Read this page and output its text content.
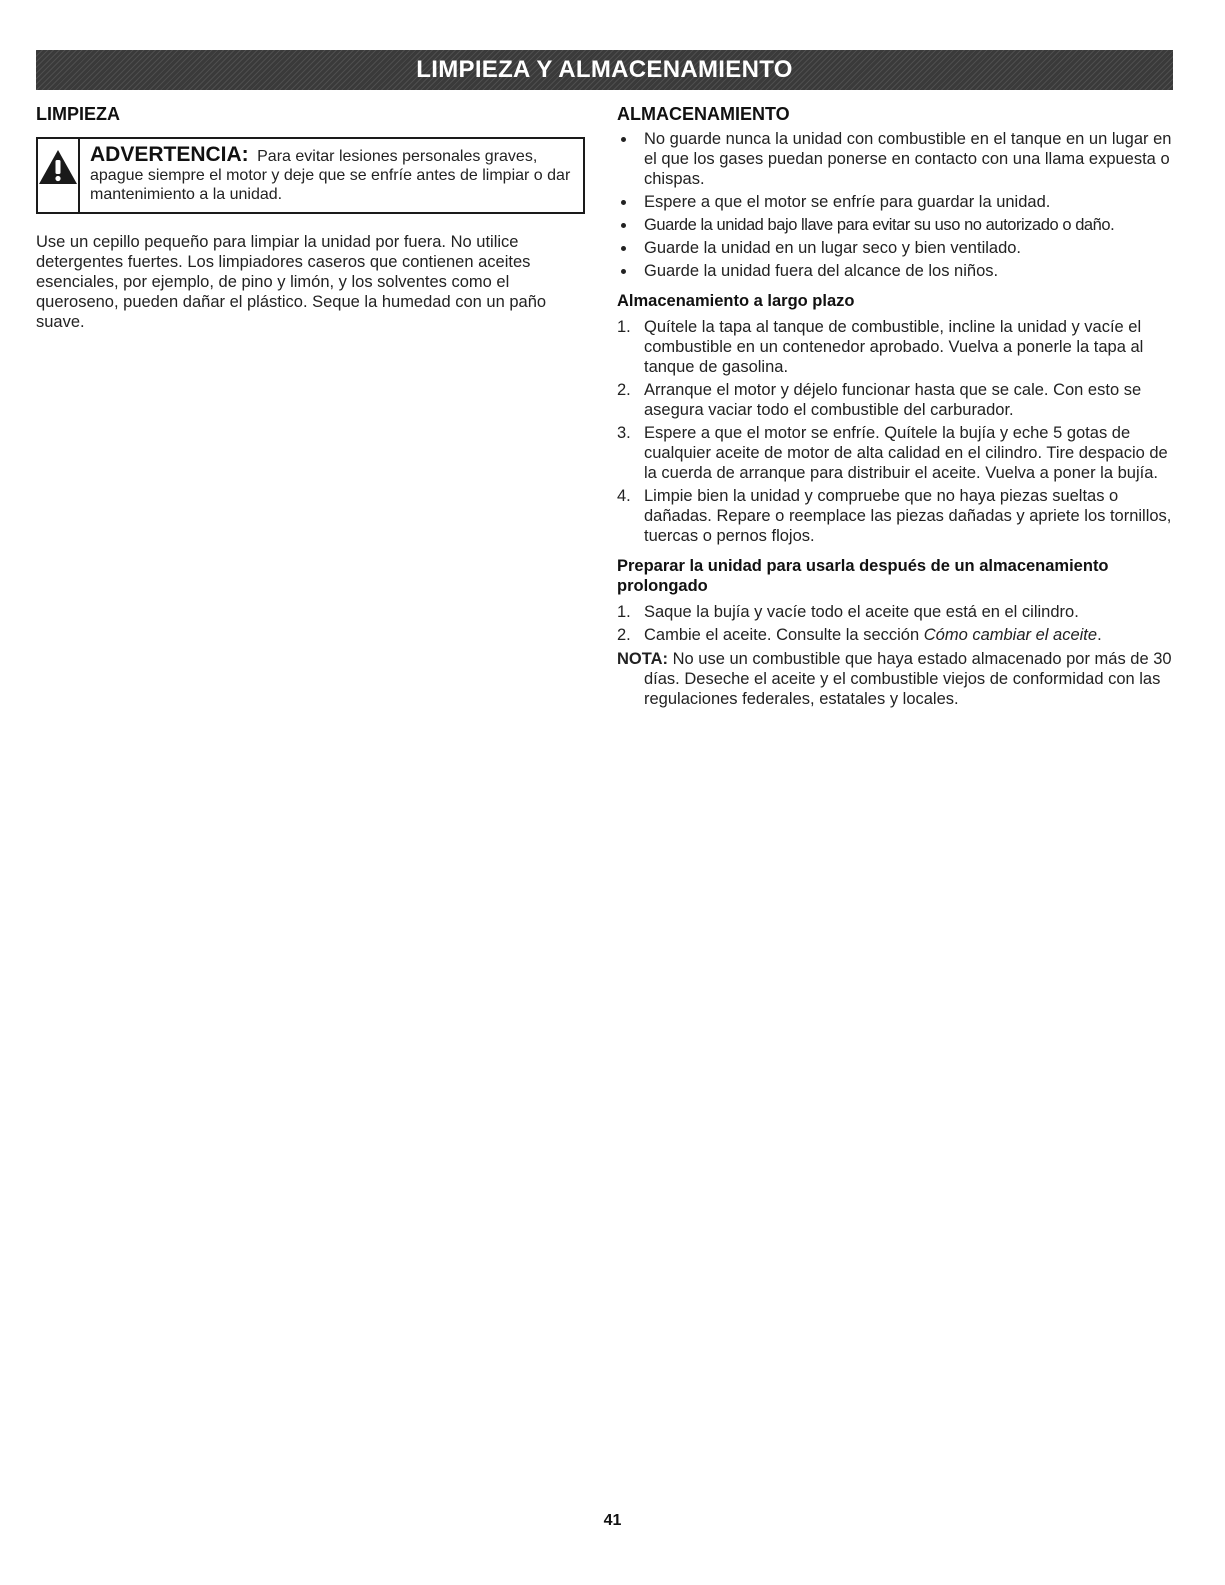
LIMPIEZA Y ALMACENAMIENTO
LIMPIEZA
ADVERTENCIA: Para evitar lesiones personales graves, apague siempre el motor y deje que se enfríe antes de limpiar o dar mantenimiento a la unidad.

Use un cepillo pequeño para limpiar la unidad por fuera. No utilice detergentes fuertes. Los limpiadores caseros que contienen aceites esenciales, por ejemplo, de pino y limón, y los solventes como el queroseno, pueden dañar el plástico. Seque la humedad con un paño suave.

ALMACENAMIENTO
No guarde nunca la unidad con combustible en el tanque en un lugar en el que los gases puedan ponerse en contacto con una llama expuesta o chispas.
Espere a que el motor se enfríe para guardar la unidad.
Guarde la unidad bajo llave para evitar su uso no autorizado o daño.
Guarde la unidad en un lugar seco y bien ventilado.
Guarde la unidad fuera del alcance de los niños.
Almacenamiento a largo plazo
1. Quítele la tapa al tanque de combustible, incline la unidad y vacíe el combustible en un contenedor aprobado. Vuelva a ponerle la tapa al tanque de gasolina.
2. Arranque el motor y déjelo funcionar hasta que se cale. Con esto se asegura vaciar todo el combustible del carburador.
3. Espere a que el motor se enfríe. Quítele la bujía y eche 5 gotas de cualquier aceite de motor de alta calidad en el cilindro. Tire despacio de la cuerda de arranque para distribuir el aceite. Vuelva a poner la bujía.
4. Limpie bien la unidad y compruebe que no haya piezas sueltas o dañadas. Repare o reemplace las piezas dañadas y apriete los tornillos, tuercas o pernos flojos.
Preparar la unidad para usarla después de un almacenamiento prolongado
1. Saque la bujía y vacíe todo el aceite que está en el cilindro.
2. Cambie el aceite. Consulte la sección Cómo cambiar el aceite.
NOTA: No use un combustible que haya estado almacenado por más de 30 días. Deseche el aceite y el combustible viejos de conformidad con las regulaciones federales, estatales y locales.
41
